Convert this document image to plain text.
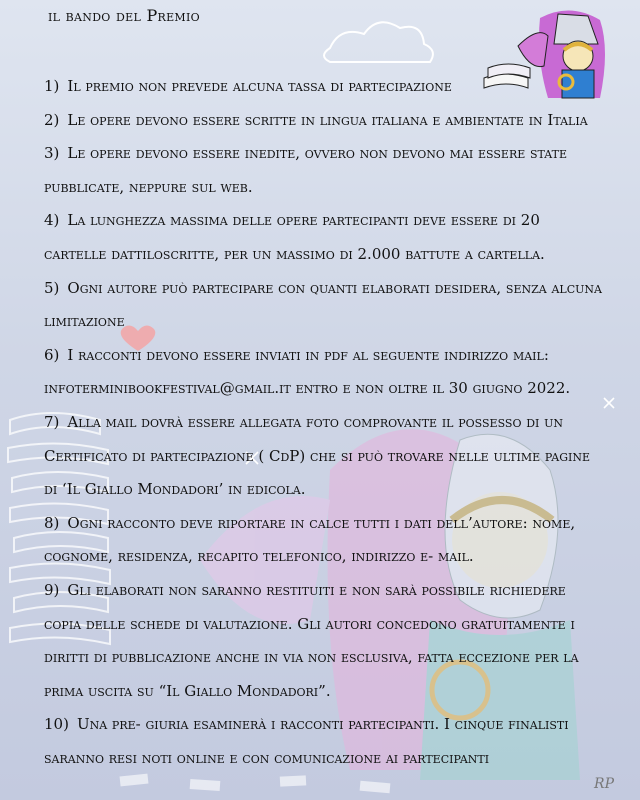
il bando del Premio
1) Il premio non prevede alcuna tassa di partecipazione
2) Le opere devono essere scritte in lingua italiana e ambientate in Italia
3) Le opere devono essere inedite, ovvero non devono mai essere state pubblicate, neppure sul web.
4) La lunghezza massima delle opere partecipanti deve essere di 20 cartelle dattiloscritte, per un massimo di 2.000 battute a cartella.
5) Ogni autore può partecipare con quanti elaborati desidera, senza alcuna limitazione
6) I racconti devono essere inviati in pdf al seguente indirizzo mail: infoterminibookfestival@gmail.it entro e non oltre il 30 giugno 2022.
7) Alla mail dovrà essere allegata foto comprovante il possesso di un Certificato di partecipazione ( CdP) che si può trovare nelle ultime pagine di ‘Il Giallo Mondadori’ in edicola.
8) Ogni racconto deve riportare in calce tutti i dati dell’autore: nome, cognome, residenza, recapito telefonico, indirizzo e- mail.
9) Gli elaborati non saranno restituiti e non sarà possibile richiedere copia delle schede di valutazione. Gli autori concedono gratuitamente i diritti di pubblicazione anche in via non esclusiva, fatta eccezione per la prima uscita su “Il Giallo Mondadori”.
10) Una pre- giuria esaminerà i racconti partecipanti. I cinque finalisti saranno resi noti online e con comunicazione ai partecipanti
RP
